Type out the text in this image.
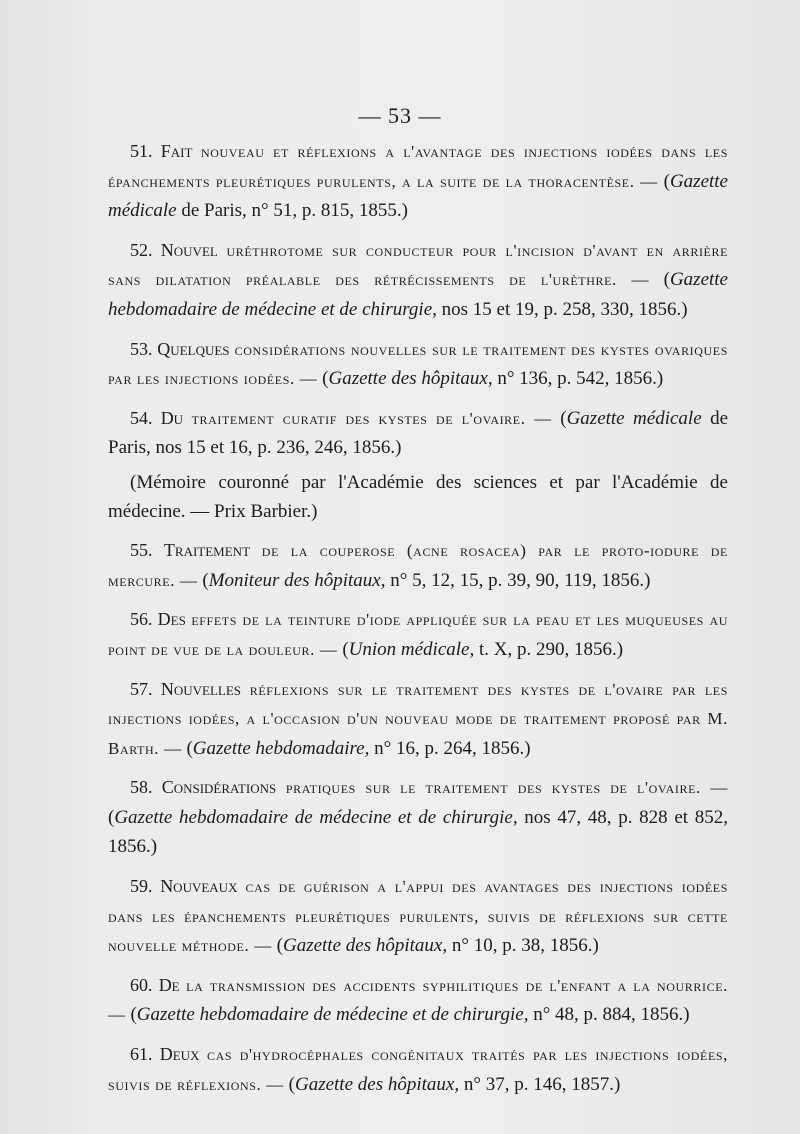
— 53 —

51. Fait nouveau et réflexions a l'avantage des injections iodées dans les épanchements pleurétiques purulents, a la suite de la thoracentèse. — (Gazette médicale de Paris, n° 51, p. 815, 1855.)

52. Nouvel uréthrotome sur conducteur pour l'incision d'avant en arrière sans dilatation préalable des rétrécissements de l'urèthre. — (Gazette hebdomadaire de médecine et de chirurgie, nos 15 et 19, p. 258, 330, 1856.)

53. Quelques considérations nouvelles sur le traitement des kystes ovariques par les injections iodées. — (Gazette des hôpitaux, n° 136, p. 542, 1856.)

54. Du traitement curatif des kystes de l'ovaire. — (Gazette médicale de Paris, nos 15 et 16, p. 236, 246, 1856.)

(Mémoire couronné par l'Académie des sciences et par l'Académie de médecine. — Prix Barbier.)

55. Traitement de la couperose (acne rosacea) par le proto-iodure de mercure. — (Moniteur des hôpitaux, n° 5, 12, 15, p. 39, 90, 119, 1856.)

56. Des effets de la teinture d'iode appliquée sur la peau et les muqueuses au point de vue de la douleur. — (Union médicale, t. X, p. 290, 1856.)

57. Nouvelles réflexions sur le traitement des kystes de l'ovaire par les injections iodées, a l'occasion d'un nouveau mode de traitement proposé par M. Barth. — (Gazette hebdomadaire, n° 16, p. 264, 1856.)

58. Considérations pratiques sur le traitement des kystes de l'ovaire. — (Gazette hebdomadaire de médecine et de chirurgie, nos 47, 48, p. 828 et 852, 1856.)

59. Nouveaux cas de guérison a l'appui des avantages des injections iodées dans les épanchements pleurétiques purulents, suivis de réflexions sur cette nouvelle méthode. — (Gazette des hôpitaux, n° 10, p. 38, 1856.)

60. De la transmission des accidents syphilitiques de l'enfant a la nourrice. — (Gazette hebdomadaire de médecine et de chirurgie, n° 48, p. 884, 1856.)

61. Deux cas d'hydrocéphales congénitaux traités par les injections iodées, suivis de réflexions. — (Gazette des hôpitaux, n° 37, p. 146, 1857.)
